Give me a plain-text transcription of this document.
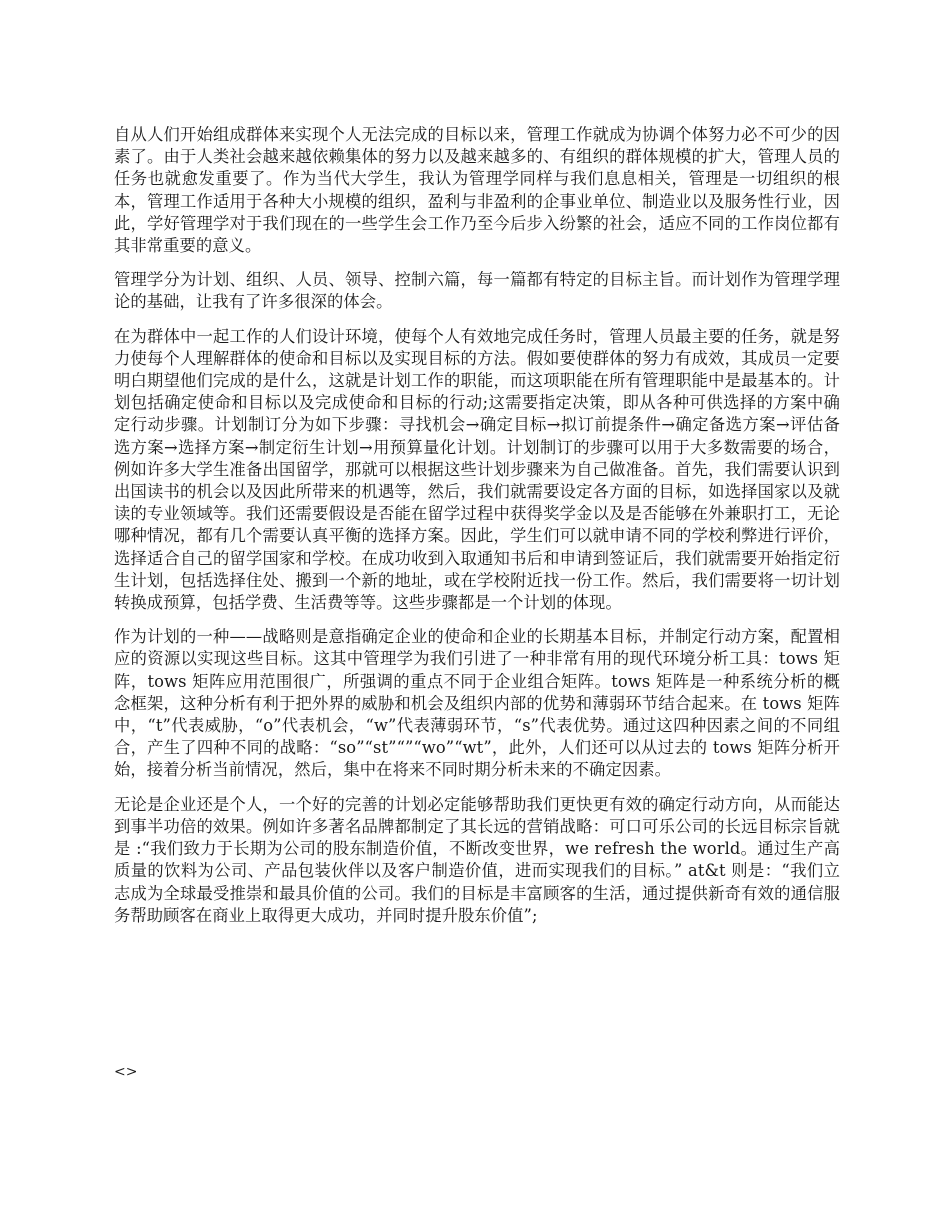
自从人们开始组成群体来实现个人无法完成的目标以来，管理工作就成为协调个体努力必不可少的因素了。由于人类社会越来越依赖集体的努力以及越来越多的、有组织的群体规模的扩大，管理人员的任务也就愈发重要了。作为当代大学生，我认为管理学同样与我们息息相关，管理是一切组织的根本，管理工作适用于各种大小规模的组织，盈利与非盈利的企事业单位、制造业以及服务性行业，因此，学好管理学对于我们现在的一些学生会工作乃至今后步入纷繁的社会，适应不同的工作岗位都有其非常重要的意义。

管理学分为计划、组织、人员、领导、控制六篇，每一篇都有特定的目标主旨。而计划作为管理学理论的基础，让我有了许多很深的体会。

在为群体中一起工作的人们设计环境，使每个人有效地完成任务时，管理人员最主要的任务，就是努力使每个人理解群体的使命和目标以及实现目标的方法。假如要使群体的努力有成效，其成员一定要明白期望他们完成的是什么，这就是计划工作的职能，而这项职能在所有管理职能中是最基本的。计划包括确定使命和目标以及完成使命和目标的行动;这需要指定决策，即从各种可供选择的方案中确定行动步骤。计划制订分为如下步骤：寻找机会→确定目标→拟订前提条件→确定备选方案→评估备选方案→选择方案→制定衍生计划→用预算量化计划。计划制订的步骤可以用于大多数需要的场合，例如许多大学生准备出国留学，那就可以根据这些计划步骤来为自己做准备。首先，我们需要认识到出国读书的机会以及因此所带来的机遇等，然后，我们就需要设定各方面的目标，如选择国家以及就读的专业领域等。我们还需要假设是否能在留学过程中获得奖学金以及是否能够在外兼职打工，无论哪种情况，都有几个需要认真平衡的选择方案。因此，学生们可以就申请不同的学校利弊进行评价，选择适合自己的留学国家和学校。在成功收到入取通知书后和申请到签证后，我们就需要开始指定衍生计划，包括选择住处、搬到一个新的地址，或在学校附近找一份工作。然后，我们需要将一切计划转换成预算，包括学费、生活费等等。这些步骤都是一个计划的体现。

作为计划的一种——战略则是意指确定企业的使命和企业的长期基本目标，并制定行动方案，配置相应的资源以实现这些目标。这其中管理学为我们引进了一种非常有用的现代环境分析工具：tows 矩阵，tows 矩阵应用范围很广，所强调的重点不同于企业组合矩阵。tows 矩阵是一种系统分析的概念框架，这种分析有利于把外界的威胁和机会及组织内部的优势和薄弱环节结合起来。在 tows 矩阵中，“t”代表威胁，“o”代表机会，“w”代表薄弱环节，“s”代表优势。通过这四种因素之间的不同组合，产生了四种不同的战略：“so”“st”“”“wo”“wt”，此外，人们还可以从过去的 tows 矩阵分析开始，接着分析当前情况，然后，集中在将来不同时期分析未来的不确定因素。

无论是企业还是个人，一个好的完善的计划必定能够帮助我们更快更有效的确定行动方向，从而能达到事半功倍的效果。例如许多著名品牌都制定了其长远的营销战略：可口可乐公司的长远目标宗旨就是 :“我们致力于长期为公司的股东制造价值，不断改变世界，we refresh the world。通过生产高质量的饮料为公司、产品包装伙伴以及客户制造价值，进而实现我们的目标。” at&t 则是：“我们立志成为全球最受推崇和最具价值的公司。我们的目标是丰富顾客的生活，通过提供新奇有效的通信服务帮助顾客在商业上取得更大成功，并同时提升股东价值”;

<>
